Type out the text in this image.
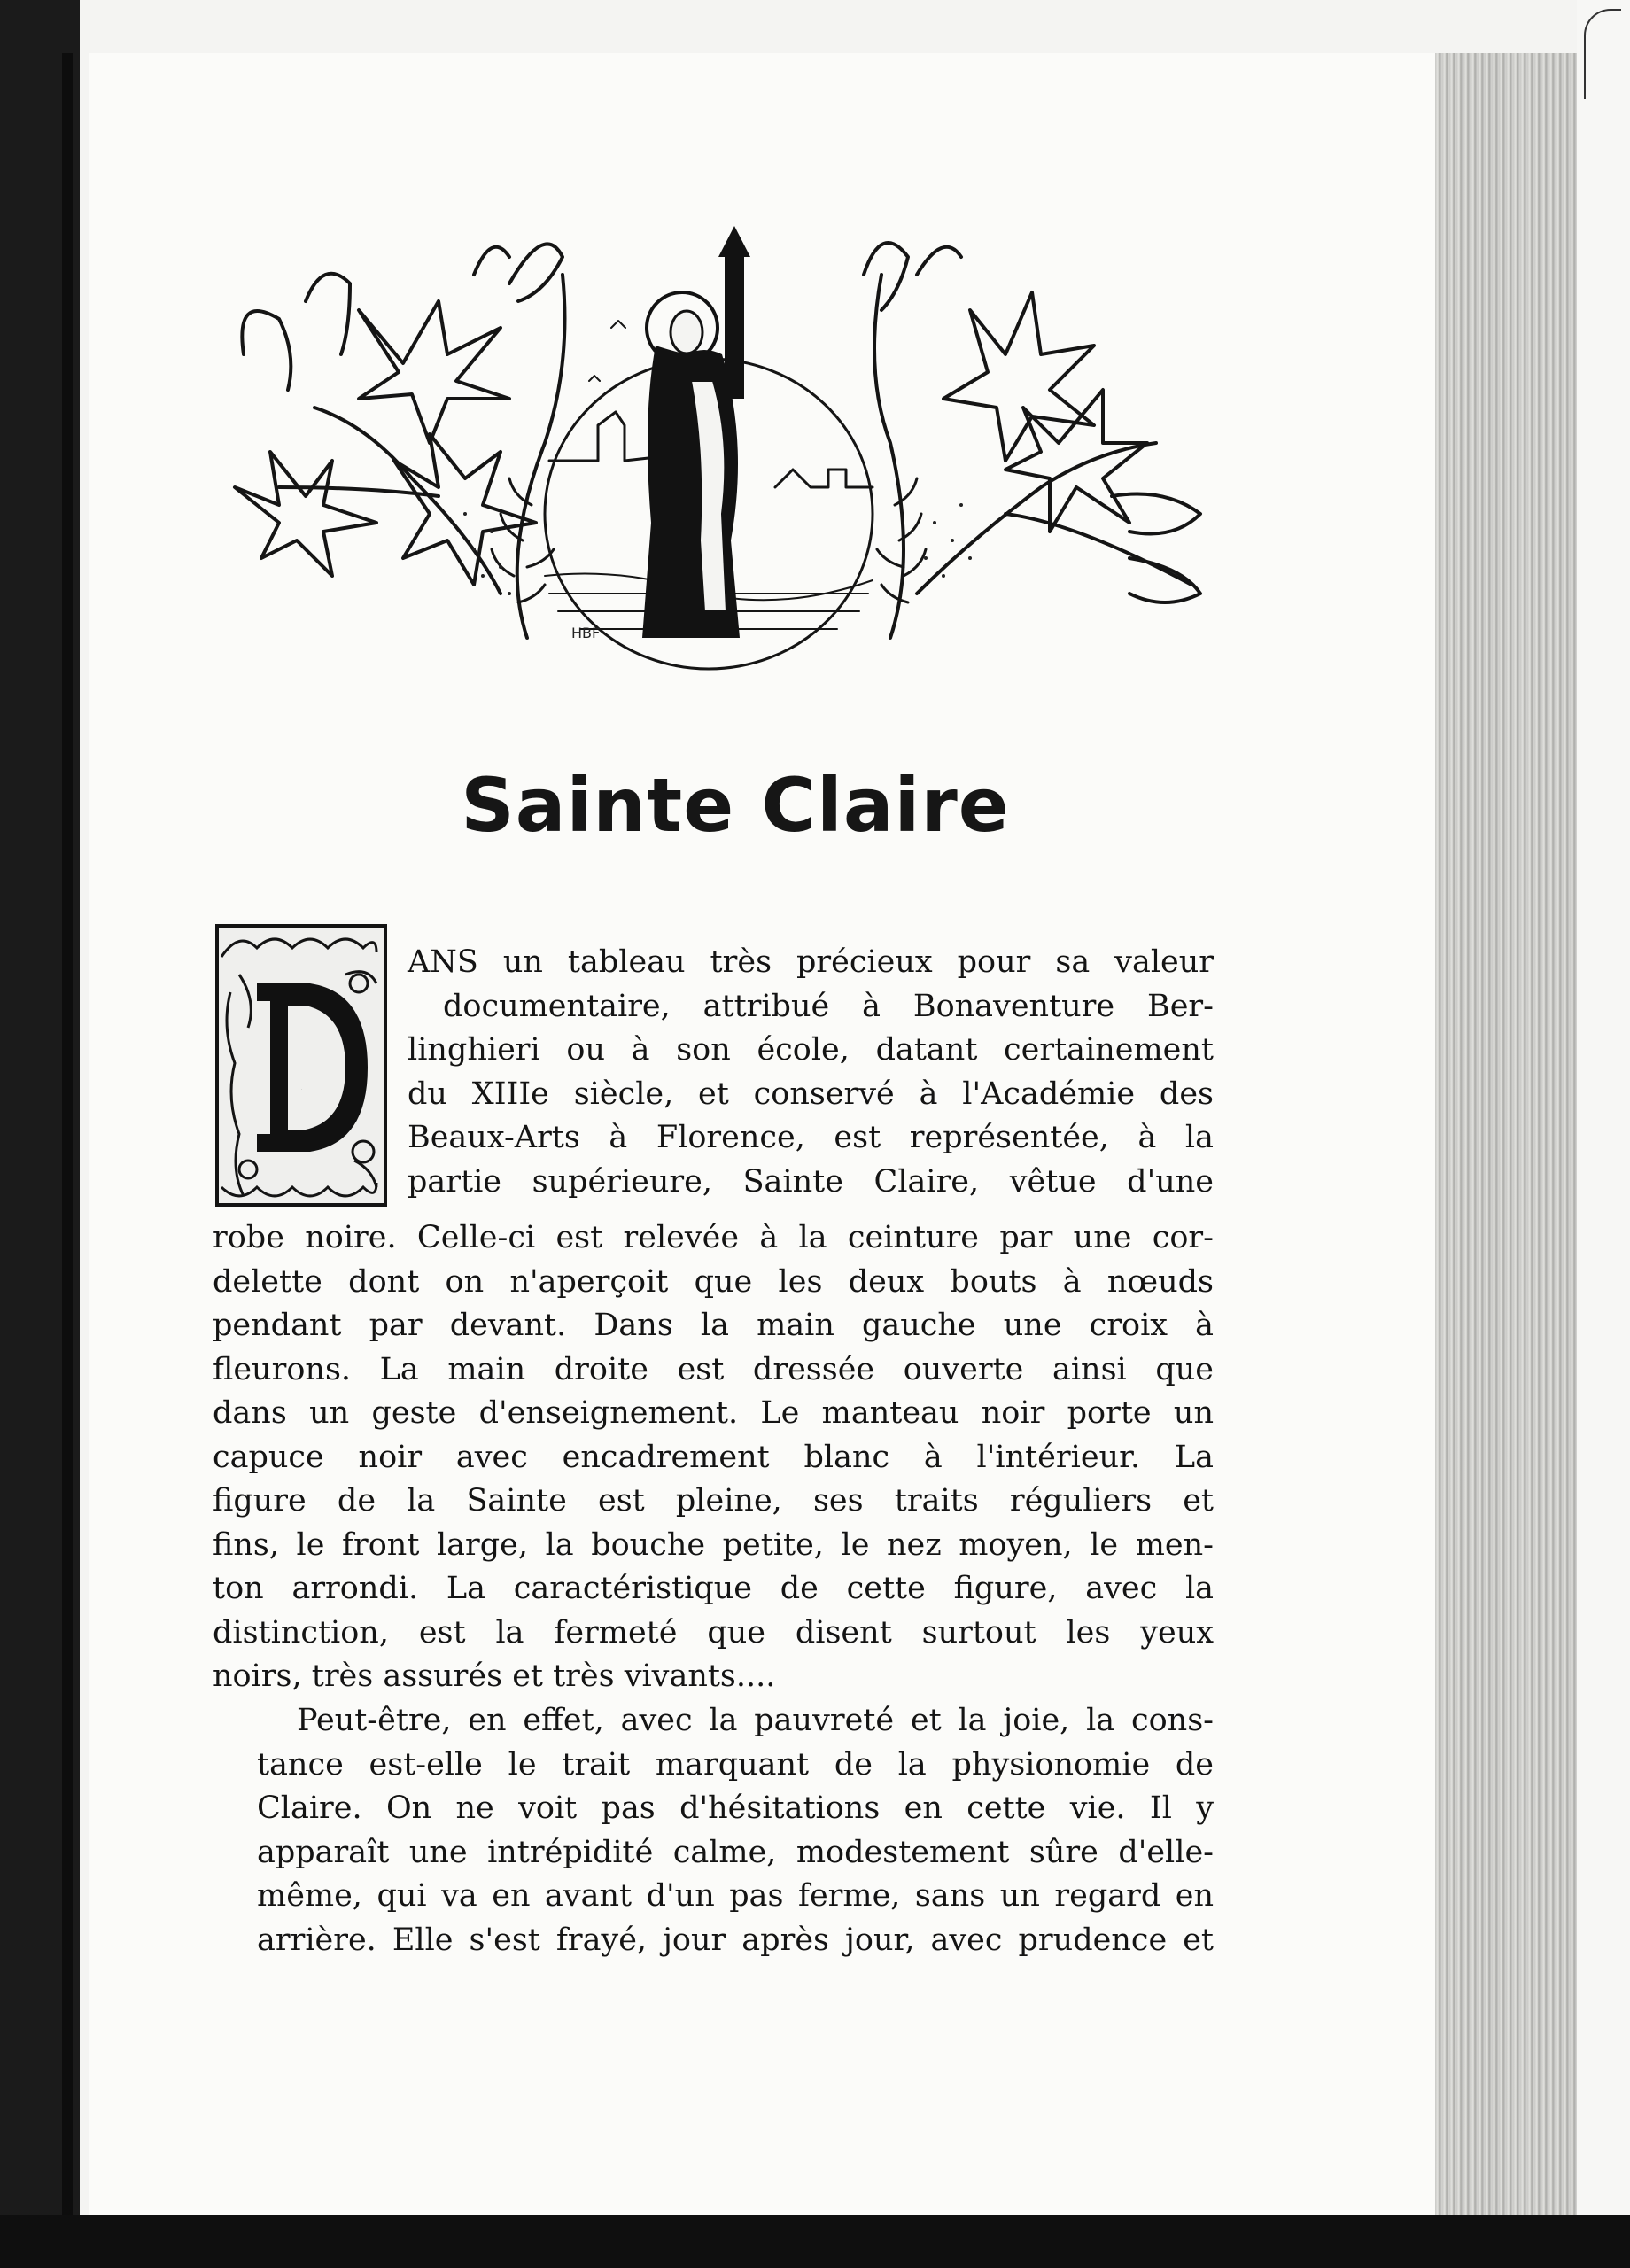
HBF
Sainte Claire
D
ANS un tableau très précieux pour sa valeur
documentaire, attribué à Bonaventure Ber-
linghieri ou à son école, datant certainement
du XIIIe siècle, et conservé à l'Académie des
Beaux-Arts à Florence, est représentée, à la
partie supérieure, Sainte Claire, vêtue d'une
robe noire. Celle-ci est relevée à la ceinture par une cor-
delette dont on n'aperçoit que les deux bouts à nœuds
pendant par devant. Dans la main gauche une croix à
fleurons. La main droite est dressée ouverte ainsi que
dans un geste d'enseignement. Le manteau noir porte un
capuce noir avec encadrement blanc à l'intérieur. La
figure de la Sainte est pleine, ses traits réguliers et
fins, le front large, la bouche petite, le nez moyen, le men-
ton arrondi. La caractéristique de cette figure, avec la
distinction, est la fermeté que disent surtout les yeux
noirs, très assurés et très vivants....
Peut-être, en effet, avec la pauvreté et la joie, la cons-
tance est-elle le trait marquant de la physionomie de
Claire. On ne voit pas d'hésitations en cette vie. Il y
apparaît une intrépidité calme, modestement sûre d'elle-
même, qui va en avant d'un pas ferme, sans un regard en
arrière. Elle s'est frayé, jour après jour, avec prudence et
